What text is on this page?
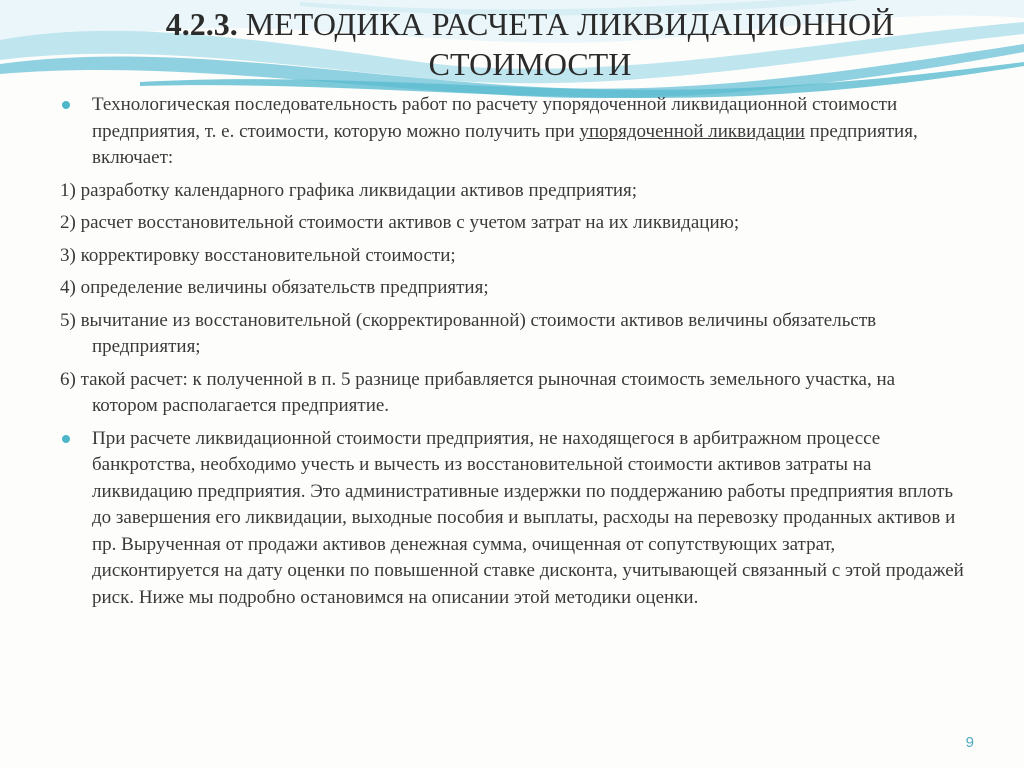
4.2.3. МЕТОДИКА РАСЧЕТА ЛИКВИДАЦИОННОЙ
СТОИМОСТИ

Технологическая последовательность работ по расчету упорядоченной ликвидационной стоимости предприятия, т. е. стоимости, которую можно получить при упорядоченной ликвидации предприятия, включает:

1) разработку календарного графика ликвидации активов предприятия;

2) расчет восстановительной стоимости активов с учетом затрат на их ликвидацию;

3) корректировку восстановительной стоимости;

4) определение величины обязательств предприятия;

5) вычитание из восстановительной (скорректированной) стоимости активов величины обязательств предприятия;

6) такой расчет: к полученной в п. 5 разнице прибавляется рыночная стоимость земельного участка, на котором располагается предприятие.

При расчете ликвидационной стоимости предприятия, не находящегося в арбитражном процессе банкротства, необходимо учесть и вычесть из восстановительной стоимости активов затраты на ликвидацию предприятия. Это административные издержки по поддержанию работы предприятия вплоть до завершения его ликвидации, выходные пособия и выплаты, расходы на перевозку проданных активов и пр. Вырученная от продажи активов денежная сумма, очищенная от сопутствующих затрат, дисконтируется на дату оценки по повышенной ставке дисконта, учитывающей связанный с этой продажей риск. Ниже мы подробно остановимся на описании этой методики оценки.

9
